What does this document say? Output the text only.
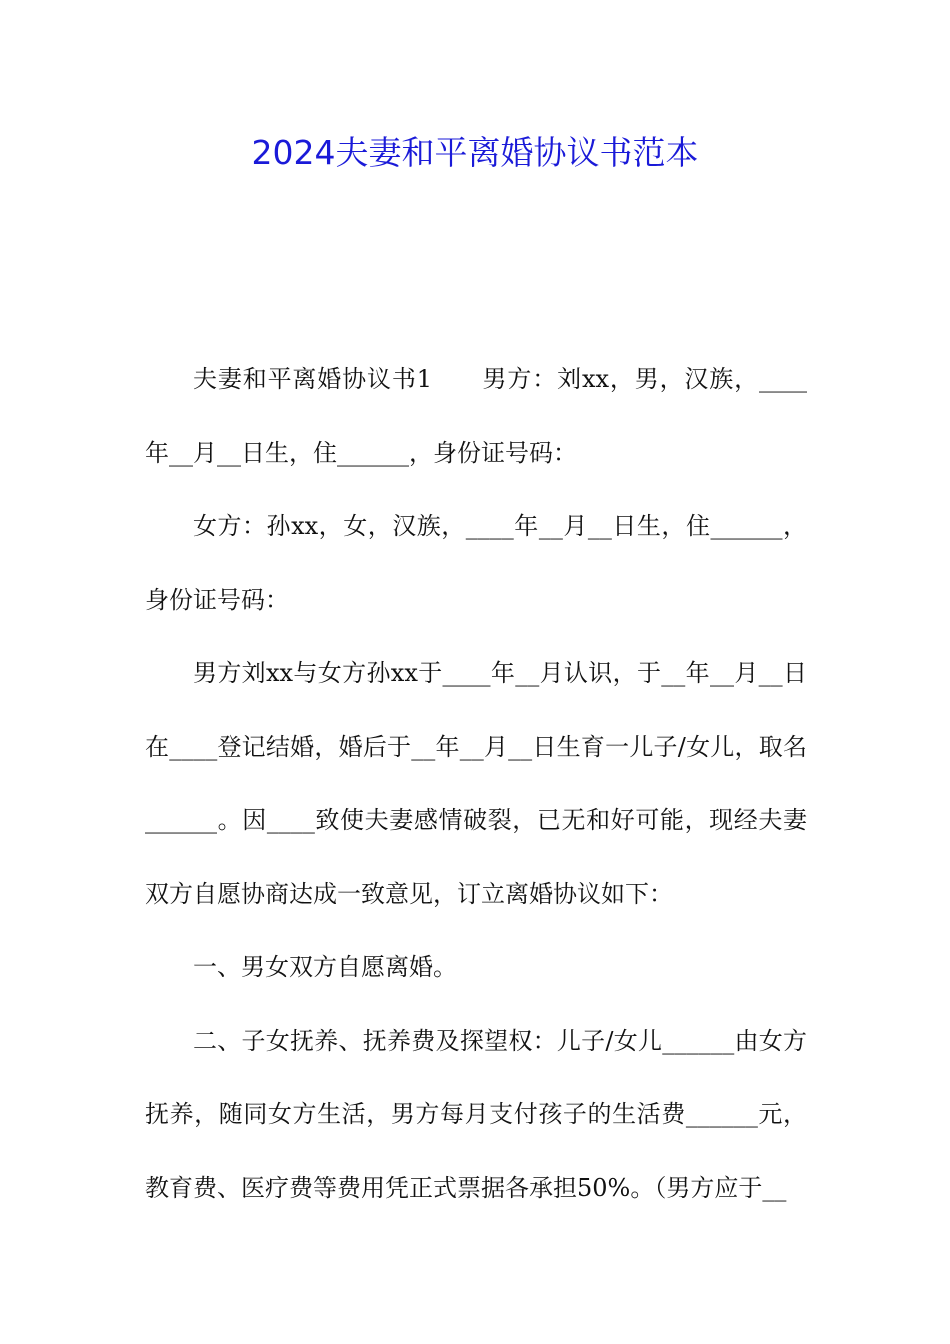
2024夫妻和平离婚协议书范本

夫妻和平离婚协议书1　　男方：刘xx，男，汉族，____年__月__日生，住______，身份证号码：

女方：孙xx，女，汉族，____年__月__日生，住______，身份证号码：

男方刘xx与女方孙xx于____年__月认识，于__年__月__日在____登记结婚，婚后于__年__月__日生育一儿子/女儿，取名______。因____致使夫妻感情破裂，已无和好可能，现经夫妻双方自愿协商达成一致意见，订立离婚协议如下：

一、男女双方自愿离婚。

二、子女抚养、抚养费及探望权：儿子/女儿______由女方抚养，随同女方生活，男方每月支付孩子的生活费______元，教育费、医疗费等费用凭正式票据各承担50%。（男方应于__
